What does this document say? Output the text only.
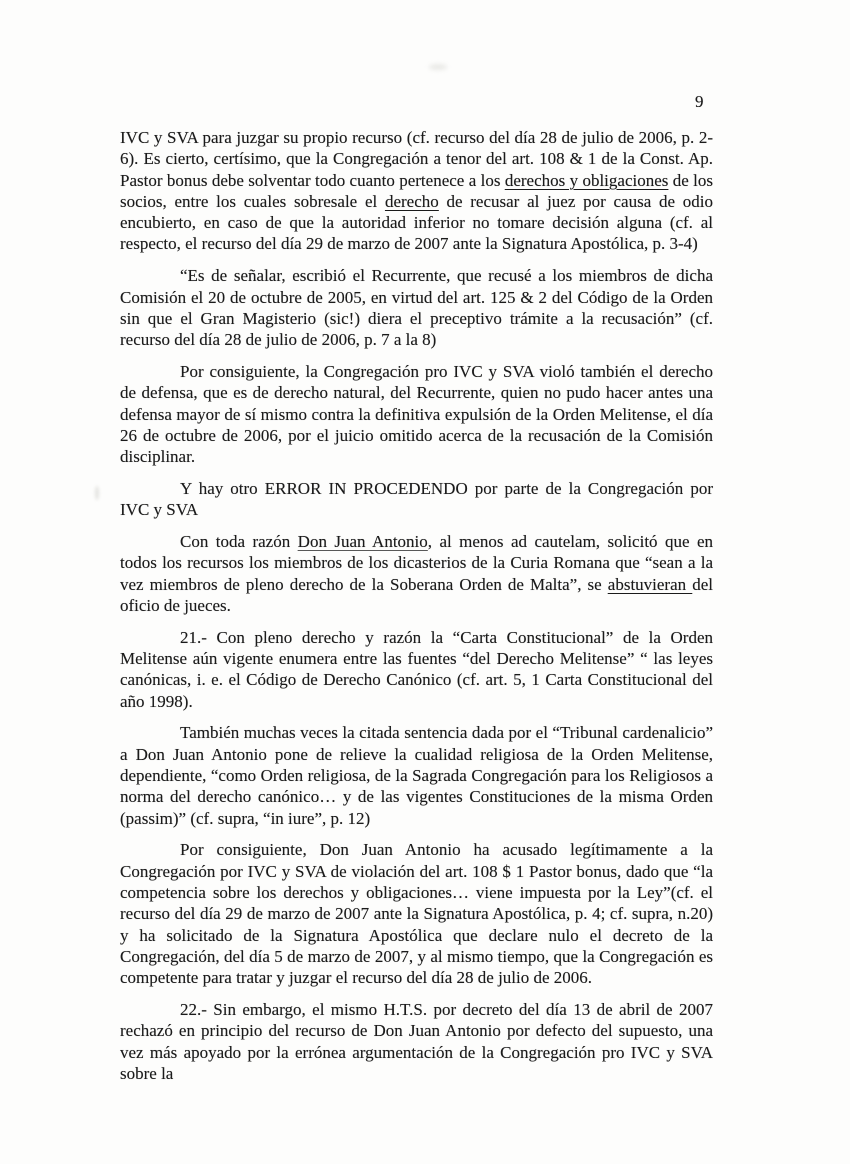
9

IVC y SVA para juzgar su propio recurso (cf. recurso del día 28 de julio de 2006, p. 2-6). Es cierto, certísimo, que la Congregación a tenor del art. 108 & 1 de la Const. Ap. Pastor bonus debe solventar todo cuanto pertenece a los derechos y obligaciones de los socios, entre los cuales sobresale el derecho de recusar al juez por causa de odio encubierto, en caso de que la autoridad inferior no tomare decisión alguna (cf. al respecto, el recurso del día 29 de marzo de 2007 ante la Signatura Apostólica, p. 3-4)

“Es de señalar, escribió el Recurrente, que recusé a los miembros de dicha Comisión el 20 de octubre de 2005, en virtud del art. 125 & 2 del Código de la Orden sin que el Gran Magisterio (sic!) diera el preceptivo trámite a la recusación” (cf. recurso del día 28 de julio de 2006, p. 7 a la 8)

Por consiguiente, la Congregación pro IVC y SVA violó también el derecho de defensa, que es de derecho natural, del Recurrente, quien no pudo hacer antes una defensa mayor de sí mismo contra la definitiva expulsión de la Orden Melitense, el día 26 de octubre de 2006, por el juicio omitido acerca de la recusación de la Comisión disciplinar.

Y hay otro ERROR IN PROCEDENDO por parte de la Congregación por IVC y SVA

Con toda razón Don Juan Antonio, al menos ad cautelam, solicitó que en todos los recursos los miembros de los dicasterios de la Curia Romana que “sean a la vez miembros de pleno derecho de la Soberana Orden de Malta”, se abstuvieran del oficio de jueces.

21.- Con pleno derecho y razón la “Carta Constitucional” de la Orden Melitense aún vigente enumera entre las fuentes “del Derecho Melitense” “ las leyes canónicas, i. e. el Código de Derecho Canónico (cf. art. 5, 1 Carta Constitucional del año 1998).

También muchas veces la citada sentencia dada por el “Tribunal cardenalicio” a Don Juan Antonio pone de relieve la cualidad religiosa de la Orden Melitense, dependiente, “como Orden religiosa, de la Sagrada Congregación para los Religiosos a norma del derecho canónico… y de las vigentes Constituciones de la misma Orden (passim)” (cf. supra, “in iure”, p. 12)

Por consiguiente, Don Juan Antonio ha acusado legítimamente a la Congregación por IVC y SVA de violación del art. 108 $ 1 Pastor bonus, dado que “la competencia sobre los derechos y obligaciones… viene impuesta por la Ley”(cf. el recurso del día 29 de marzo de 2007 ante la Signatura Apostólica, p. 4; cf. supra, n.20) y ha solicitado de la Signatura Apostólica que declare nulo el decreto de la Congregación, del día 5 de marzo de 2007, y al mismo tiempo, que la Congregación es competente para tratar y juzgar el recurso del día 28 de julio de 2006.

22.- Sin embargo, el mismo H.T.S. por decreto del día 13 de abril de 2007 rechazó en principio del recurso de Don Juan Antonio por defecto del supuesto, una vez más apoyado por la errónea argumentación de la Congregación pro IVC y SVA sobre la
